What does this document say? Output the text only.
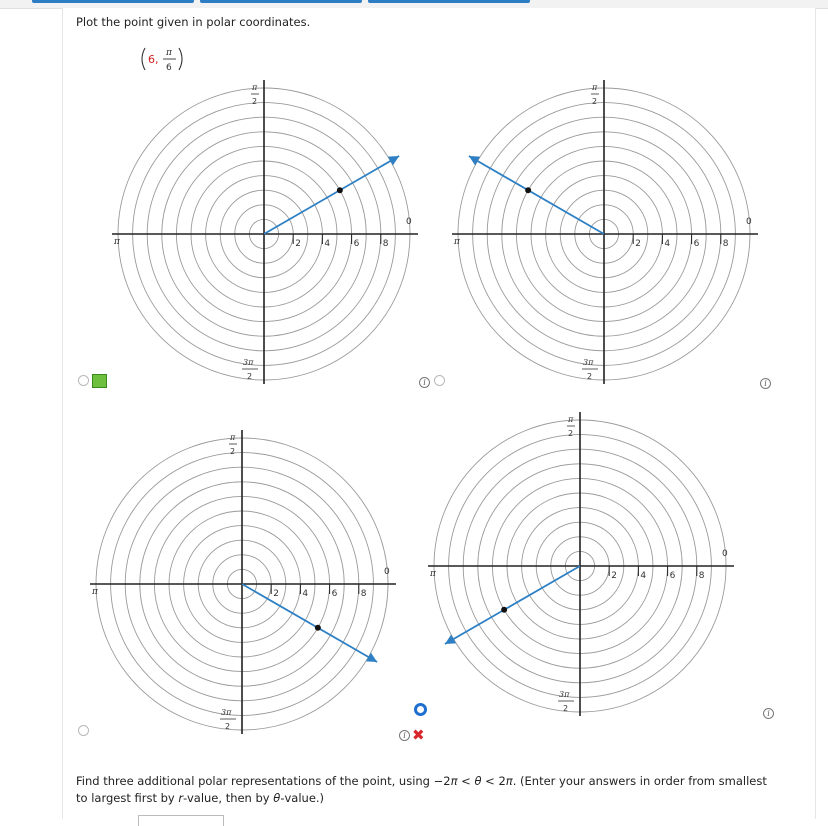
Plot the point given in polar coordinates.
6, π
6
2	4	6	8
π
2
3π
2
π
0
2	4	6	8
π
2
3π
2
π
0
2	4	6	8
π
2
3π
2
π
0	2	4	6	8
π
2
3π
2
π
0
i	i
i ✖
i
Find three additional polar representations of the point, using −2π < θ < 2π. (Enter your answers in order from smallest to largest first by r-value, then by θ-value.)
